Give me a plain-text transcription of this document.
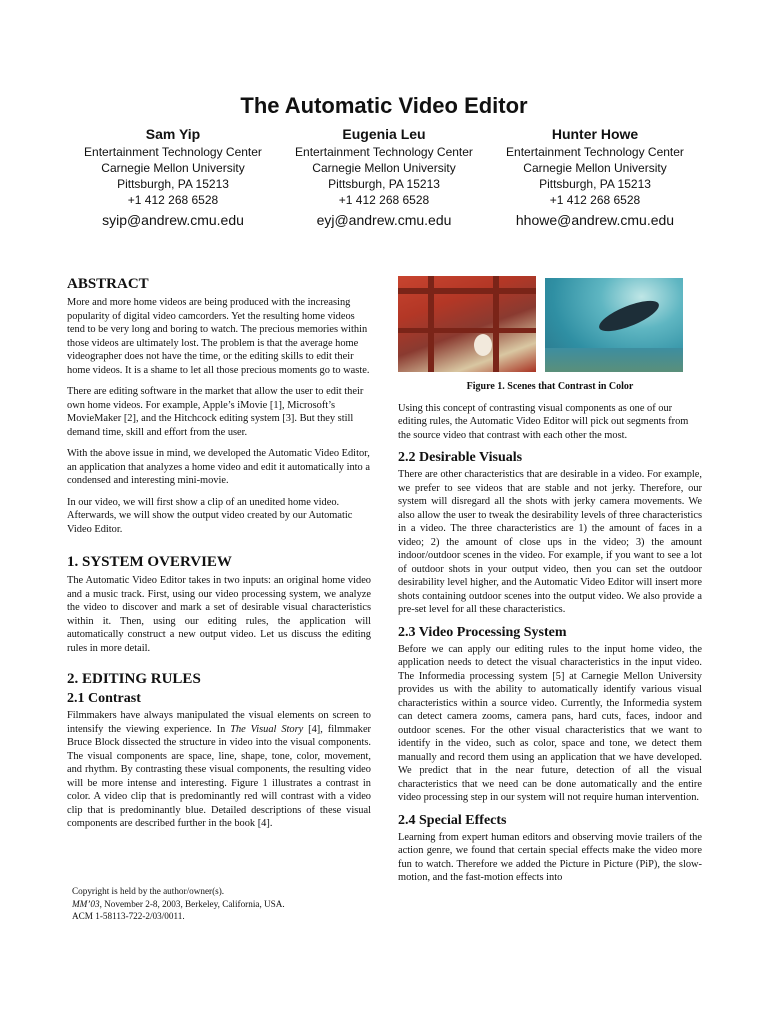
The Automatic Video Editor
Sam Yip
Entertainment Technology Center
Carnegie Mellon University
Pittsburgh, PA 15213
+1 412 268 6528
syip@andrew.cmu.edu
Eugenia Leu
Entertainment Technology Center
Carnegie Mellon University
Pittsburgh, PA 15213
+1 412 268 6528
eyj@andrew.cmu.edu
Hunter Howe
Entertainment Technology Center
Carnegie Mellon University
Pittsburgh, PA 15213
+1 412 268 6528
hhowe@andrew.cmu.edu
ABSTRACT

More and more home videos are being produced with the increasing popularity of digital video camcorders. Yet the resulting home videos tend to be very long and boring to watch. The precious memories within those videos are ultimately lost. The problem is that the average home videographer does not have the time, or the editing skills to edit their home videos. It is a shame to let all those precious moments go to waste.

There are editing software in the market that allow the user to edit their own home videos. For example, Apple’s iMovie [1], Microsoft’s MovieMaker [2], and the Hitchcock editing system [3]. But they still demand time, skill and effort from the user.

With the above issue in mind, we developed the Automatic Video Editor, an application that analyzes a home video and edit it automatically into a condensed and interesting mini-movie.

In our video, we will first show a clip of an unedited home video. Afterwards, we will show the output video created by our Automatic Video Editor.

1. SYSTEM OVERVIEW

The Automatic Video Editor takes in two inputs: an original home video and a music track. First, using our video processing system, we analyze the video to discover and mark a set of desirable visual characteristics within it. Then, using our editing rules, the application will automatically construct a new output video. Let us discuss the editing rules in more detail.

2. EDITING RULES
2.1 Contrast

Filmmakers have always manipulated the visual elements on screen to intensify the viewing experience. In The Visual Story [4], filmmaker Bruce Block dissected the structure in video into the visual components. The visual components are space, line, shape, tone, color, movement, and rhythm. By contrasting these visual components, the resulting video will be more intense and interesting. Figure 1 illustrates a contrast in color. A video clip that is predominantly red will contrast with a video clip that is predominantly blue. Detailed descriptions of these visual components are described further in the book [4].

Copyright is held by the author/owner(s).

MM’03, November 2-8, 2003, Berkeley, California, USA.

ACM 1-58113-722-2/03/0011.

Figure 1. Scenes that Contrast in Color

Using this concept of contrasting visual components as one of our editing rules, the Automatic Video Editor will pick out segments from the source video that contrast with each other the most.

2.2 Desirable Visuals

There are other characteristics that are desirable in a video. For example, we prefer to see videos that are stable and not jerky. Therefore, our system will disregard all the shots with jerky camera movements. We also allow the user to tweak the desirability levels of three characteristics in a video. The three characteristics are 1) the amount of faces in a video; 2) the amount of close ups in the video; 3) the amount indoor/outdoor scenes in the video. For example, if you want to see a lot of outdoor shots in your output video, then you can set the outdoor desirability level higher, and the Automatic Video Editor will insert more shots containing outdoor scenes into the output video. We also provide a pre-set level for all these characteristics.

2.3 Video Processing System

Before we can apply our editing rules to the input home video, the application needs to detect the visual characteristics in the input video. The Informedia processing system [5] at Carnegie Mellon University provides us with the ability to automatically identify various visual characteristics within a source video. Currently, the Informedia system can detect camera zooms, camera pans, hard cuts, faces, indoor and outdoor scenes. For the other visual characteristics that we want to identify in the video, such as color, space and tone, we detect them manually and record them using an application that we have developed. We predict that in the near future, detection of all the visual characteristics that we need can be done automatically and the entire video processing step in our system will not require human intervention.

2.4 Special Effects

Learning from expert human editors and observing movie trailers of the action genre, we found that certain special effects make the video more fun to watch. Therefore we added the Picture in Picture (PiP), the slow-motion, and the fast-motion effects into
